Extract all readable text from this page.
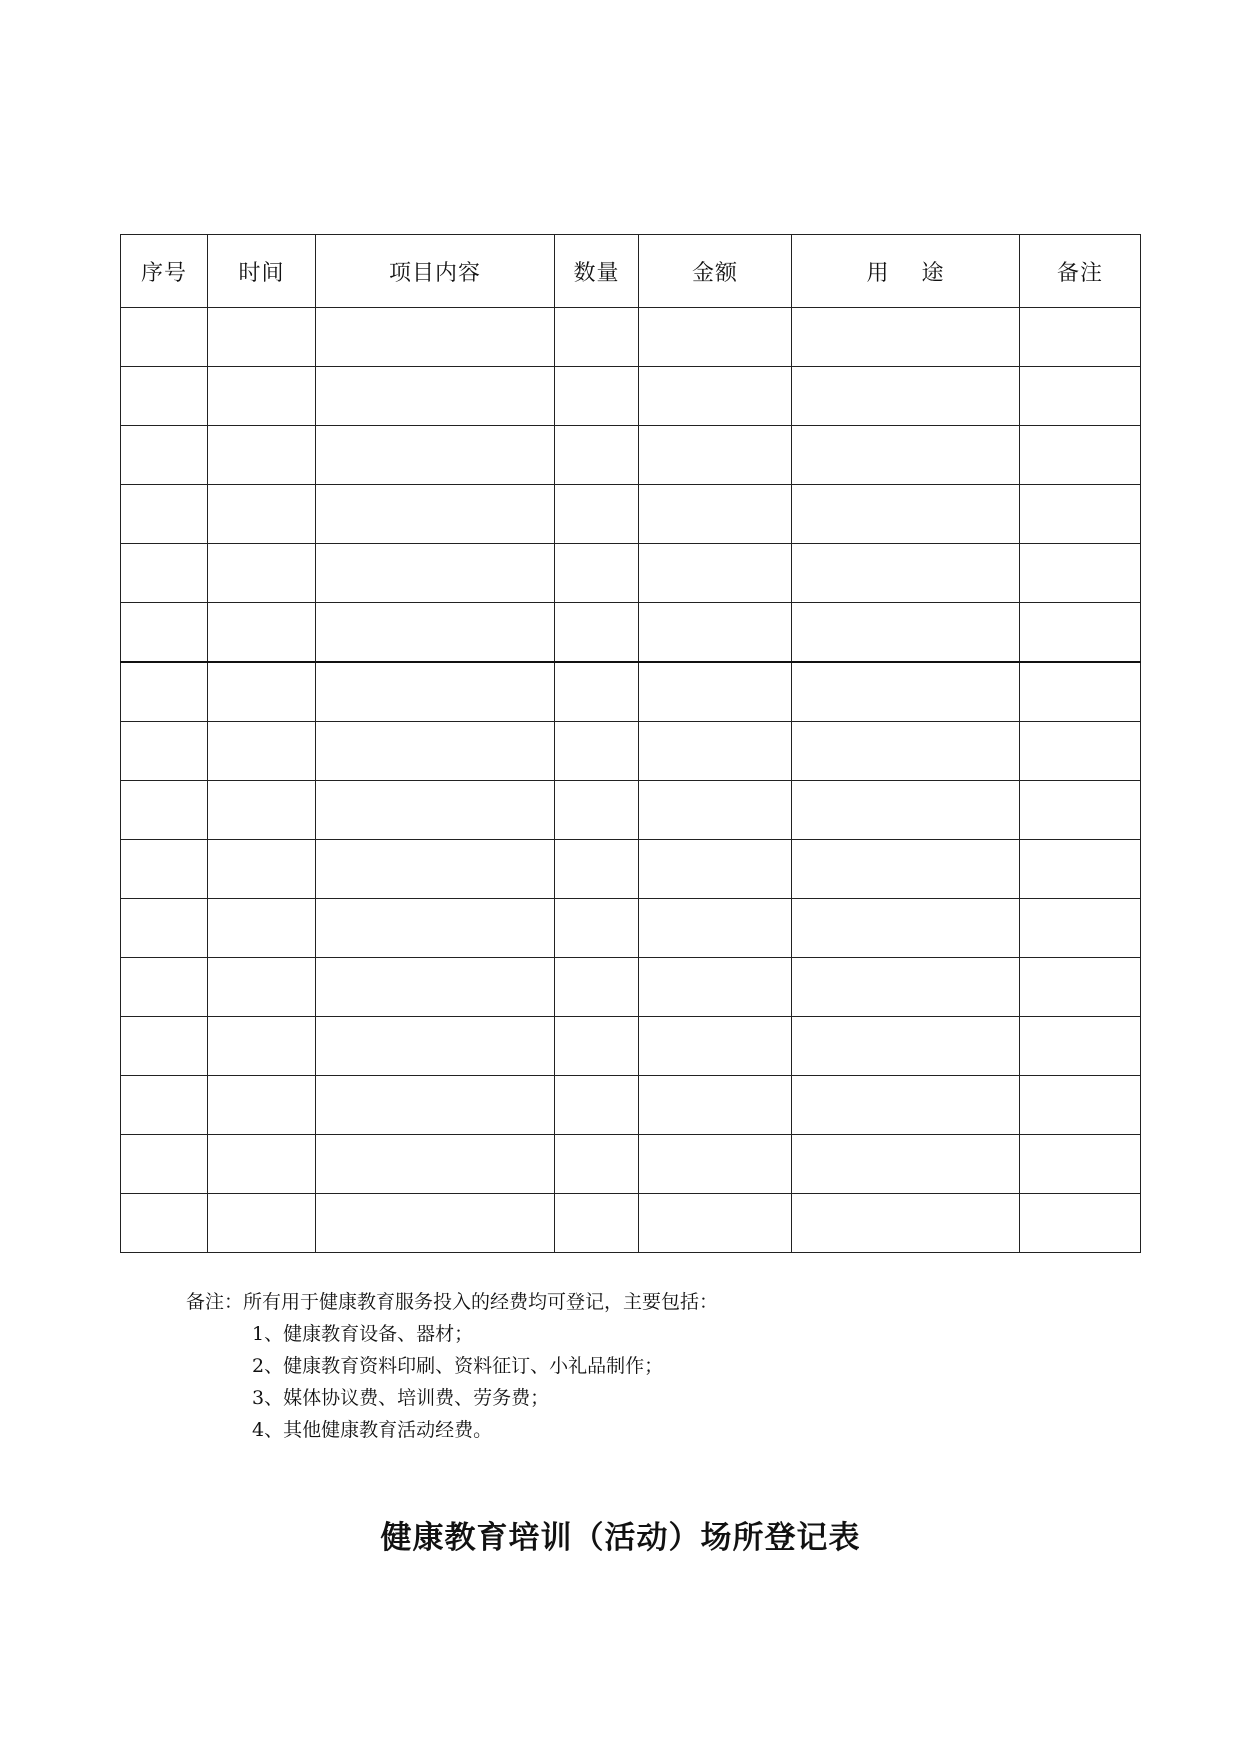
序号	时间	项目内容	数量	金额	用    途	备注

备注：所有用于健康教育服务投入的经费均可登记，主要包括：

1、健康教育设备、器材；
2、健康教育资料印刷、资料征订、小礼品制作；
3、媒体协议费、培训费、劳务费；
4、其他健康教育活动经费。
健康教育培训（活动）场所登记表
